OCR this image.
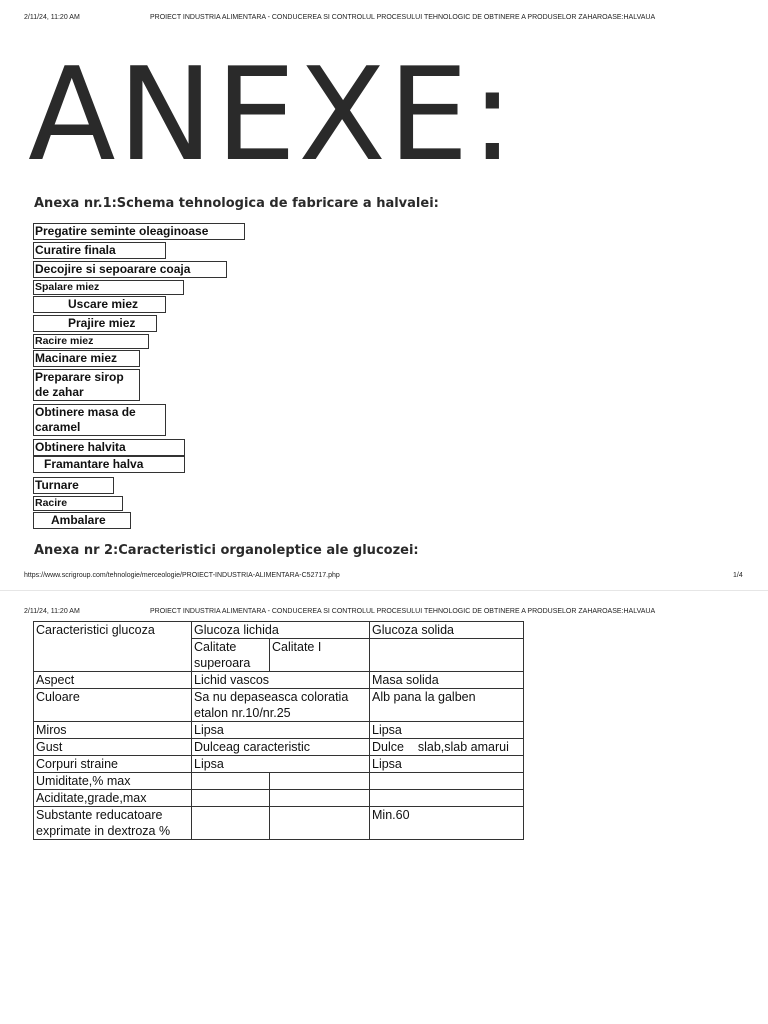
2/11/24, 11:20 AM	PROIECT INDUSTRIA ALIMENTARA - CONDUCEREA SI CONTROLUL PROCESULUI TEHNOLOGIC DE OBTINERE A PRODUSELOR ZAHAROASE:HALVAUA
ANEXE:
Anexa nr.1:Schema tehnologica de fabricare a halvalei:
Pregatire seminte oleaginoase
Curatire finala
Decojire si sepoarare coaja
Spalare miez
Uscare miez
Prajire miez
Racire miez
Macinare miez
Preparare sirop de zahar
Obtinere masa de caramel
Obtinere halvita
Framantare halva
Turnare
Racire
Ambalare
Anexa nr 2:Caracteristici organoleptice ale glucozei:
https://www.scrigroup.com/tehnologie/merceologie/PROIECT-INDUSTRIA-ALIMENTARA-C52717.php	1/4
2/11/24, 11:20 AM	PROIECT INDUSTRIA ALIMENTARA - CONDUCEREA SI CONTROLUL PROCESULUI TEHNOLOGIC DE OBTINERE A PRODUSELOR ZAHAROASE:HALVAUA
Caracteristici glucoza	Glucoza lichida		Glucoza solida
	Calitate superoara	Calitate I	
Aspect	Lichid vascos		Masa solida
Culoare	Sa nu depaseasca coloratia etalon nr.10/nr.25		Alb pana la galben
Miros	Lipsa		Lipsa
Gust	Dulceag caracteristic		Dulce    slab,slab amarui
Corpuri straine	Lipsa		Lipsa
Umiditate,% max			
Aciditate,grade,max			
Substante reducatoare exprimate in dextroza %			Min.60
